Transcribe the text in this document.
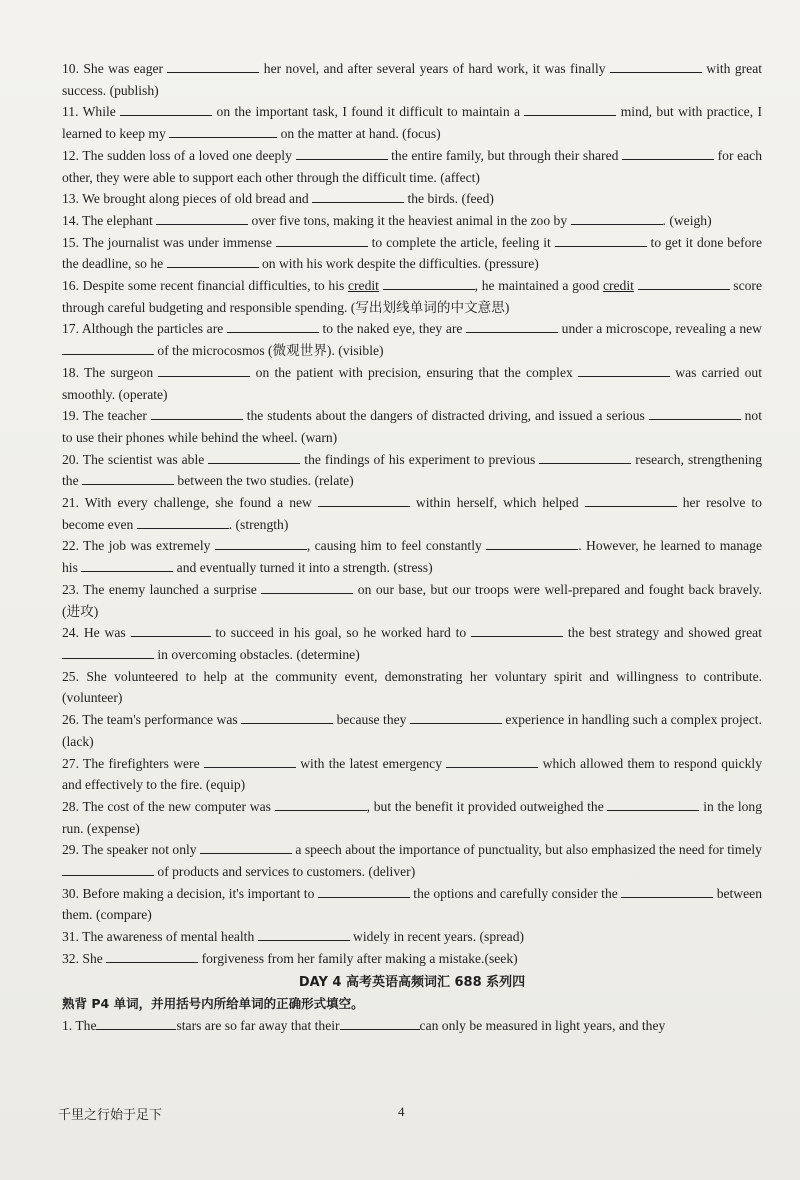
10. She was eager	her novel, and after several years of hard work, it was finally	with great success. (publish)

11. While	on the important task, I found it difficult to maintain a	mind, but with practice, I learned to keep my	on the matter at hand. (focus)

12. The sudden loss of a loved one deeply	the entire family, but through their shared	for each other, they were able to support each other through the difficult time. (affect)

13. We brought along pieces of old bread and	the birds. (feed)

14. The elephant	over five tons, making it the heaviest animal in the zoo by	. (weigh)

15. The journalist was under immense	to complete the article, feeling it	to get it done before the deadline, so he	on with his work despite the difficulties. (pressure)

16. Despite some recent financial difficulties, to his credit	, he maintained a good credit	score through careful budgeting and responsible spending. (写出划线单词的中文意思)

17. Although the particles are	to the naked eye, they are	under a microscope, revealing a new  of the microcosmos (微观世界). (visible)

18. The surgeon	on the patient with precision, ensuring that the complex	was carried out smoothly. (operate)

19. The teacher	the students about the dangers of distracted driving, and issued a serious	not to use their phones while behind the wheel. (warn)

20. The scientist was able	the findings of his experiment to previous	research, strengthening the	between the two studies. (relate)

21. With every challenge, she found a new	within herself, which helped	her resolve to become even	. (strength)

22. The job was extremely	, causing him to feel constantly	. However, he learned to manage his	and eventually turned it into a strength. (stress)

23. The enemy launched a surprise	on our base, but our troops were well-prepared and fought back bravely. (进攻)

24. He was	to succeed in his goal, so he worked hard to	the best strategy and showed great  in overcoming obstacles. (determine)

25. She volunteered to help at the community event, demonstrating her voluntary spirit and willingness to contribute. (volunteer)

26. The team's performance was	because they	experience in handling such a complex project. (lack)

27. The firefighters were	with the latest emergency	which allowed them to respond quickly and effectively to the fire. (equip)

28. The cost of the new computer was	, but the benefit it provided outweighed the	in the long run. (expense)

29. The speaker not only	a speech about the importance of punctuality, but also emphasized the need for timely  of products and services to customers. (deliver)

30. Before making a decision, it's important to	the options and carefully consider the	between them. (compare)

31. The awareness of mental health	widely in recent years. (spread)

32. She	forgiveness from her family after making a mistake.(seek)

DAY 4 高考英语高频词汇 688 系列四

熟背 P4 单词，并用括号内所给单词的正确形式填空。

1. The	stars are so far away that their	can only be measured in light years, and they

千里之行始于足下	4
